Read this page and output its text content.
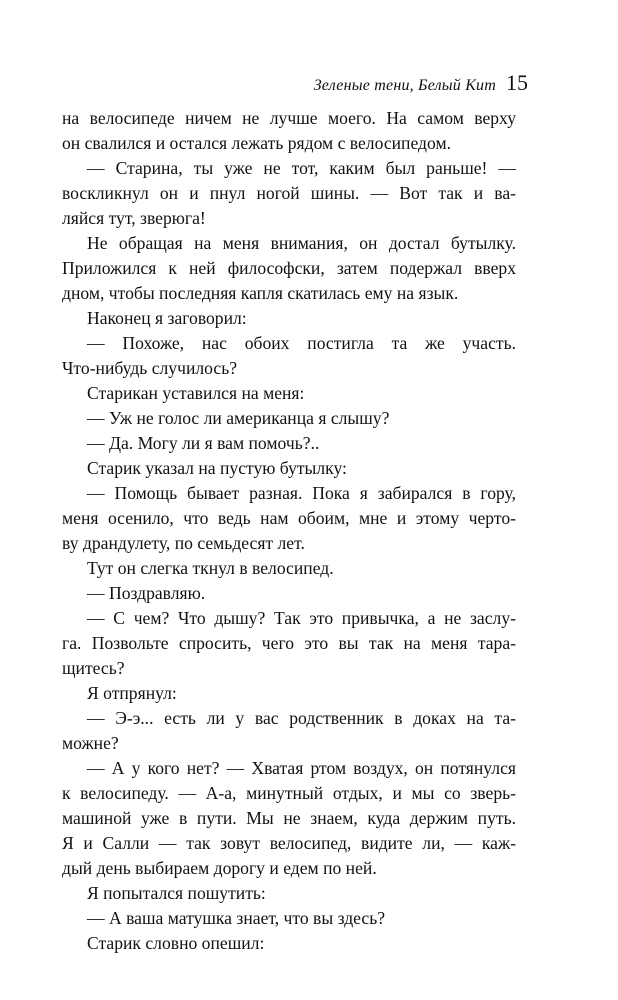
Зеленые тени, Белый Кит 15
на велосипеде ничем не лучше моего. На самом верху
он свалился и остался лежать рядом с велосипедом.
— Старина, ты уже не тот, каким был раньше! —
воскликнул он и пнул ногой шины. — Вот так и ва-
ляйся тут, зверюга!
Не обращая на меня внимания, он достал бутылку.
Приложился к ней философски, затем подержал вверх
дном, чтобы последняя капля скатилась ему на язык.
Наконец я заговорил:
— Похоже, нас обоих постигла та же участь.
Что-нибудь случилось?
Старикан уставился на меня:
— Уж не голос ли американца я слышу?
— Да. Могу ли я вам помочь?..
Старик указал на пустую бутылку:
— Помощь бывает разная. Пока я забирался в гору,
меня осенило, что ведь нам обоим, мне и этому черто-
ву драндулету, по семьдесят лет.
Тут он слегка ткнул в велосипед.
— Поздравляю.
— С чем? Что дышу? Так это привычка, а не заслу-
га. Позвольте спросить, чего это вы так на меня тара-
щитесь?
Я отпрянул:
— Э-э... есть ли у вас родственник в доках на та-
можне?
— А у кого нет? — Хватая ртом воздух, он потянулся
к велосипеду. — А-а, минутный отдых, и мы со зверь-
машиной уже в пути. Мы не знаем, куда держим путь.
Я и Салли — так зовут велосипед, видите ли, — каж-
дый день выбираем дорогу и едем по ней.
Я попытался пошутить:
— А ваша матушка знает, что вы здесь?
Старик словно опешил:
